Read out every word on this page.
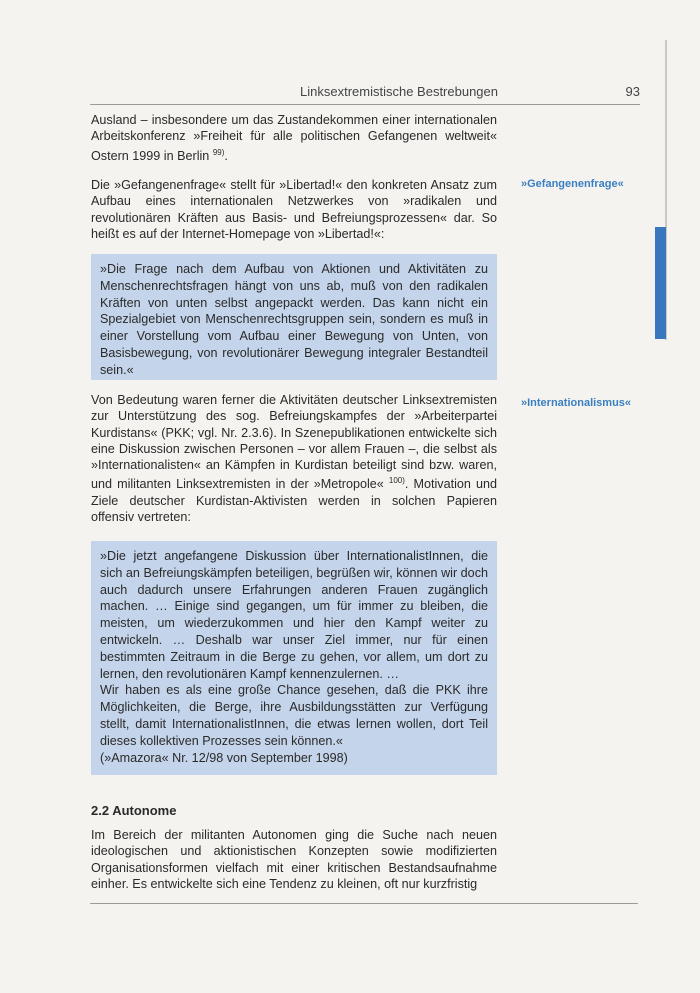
Linksextremistische Bestrebungen	93

Ausland – insbesondere um das Zustandekommen einer internationalen Arbeitskonferenz »Freiheit für alle politischen Gefangenen weltweit« Ostern 1999 in Berlin $^{99)}$.

Die »Gefangenenfrage« stellt für »Libertad!« den konkreten Ansatz zum Aufbau eines internationalen Netzwerkes von »radikalen und revolutionären Kräften aus Basis- und Befreiungsprozessen« dar. So heißt es auf der Internet-Homepage von »Libertad!«:

»Gefangenenfrage«

»Die Frage nach dem Aufbau von Aktionen und Aktivitäten zu Menschenrechtsfragen hängt von uns ab, muß von den radikalen Kräften von unten selbst angepackt werden. Das kann nicht ein Spezialgebiet von Menschenrechtsgruppen sein, sondern es muß in einer Vorstellung vom Aufbau einer Bewegung von Unten, von Basisbewegung, von revolutionärer Bewegung integraler Bestandteil sein.«

Von Bedeutung waren ferner die Aktivitäten deutscher Linksextremisten zur Unterstützung des sog. Befreiungskampfes der »Arbeiterpartei Kurdistans« (PKK; vgl. Nr. 2.3.6). In Szenepublikationen entwickelte sich eine Diskussion zwischen Personen – vor allem Frauen –, die selbst als »Internationalisten« an Kämpfen in Kurdistan beteiligt sind bzw. waren, und militanten Linksextremisten in der »Metropole« $^{100)}$. Motivation und Ziele deutscher Kurdistan-Aktivisten werden in solchen Papieren offensiv vertreten:

»Internationalismus«

»Die jetzt angefangene Diskussion über InternationalistInnen, die sich an Befreiungskämpfen beteiligen, begrüßen wir, können wir doch auch dadurch unsere Erfahrungen anderen Frauen zugänglich machen. … Einige sind gegangen, um für immer zu bleiben, die meisten, um wiederzukommen und hier den Kampf weiter zu entwickeln. … Deshalb war unser Ziel immer, nur für einen bestimmten Zeitraum in die Berge zu gehen, vor allem, um dort zu lernen, den revolutionären Kampf kennenzulernen. …

Wir haben es als eine große Chance gesehen, daß die PKK ihre Möglichkeiten, die Berge, ihre Ausbildungsstätten zur Verfügung stellt, damit InternationalistInnen, die etwas lernen wollen, dort Teil dieses kollektiven Prozesses sein können.«

(»Amazora« Nr. 12/98 von September 1998)

2.2 Autonome

Im Bereich der militanten Autonomen ging die Suche nach neuen ideologischen und aktionistischen Konzepten sowie modifizierten Organisationsformen vielfach mit einer kritischen Bestandsaufnahme einher. Es entwickelte sich eine Tendenz zu kleinen, oft nur kurzfristig
